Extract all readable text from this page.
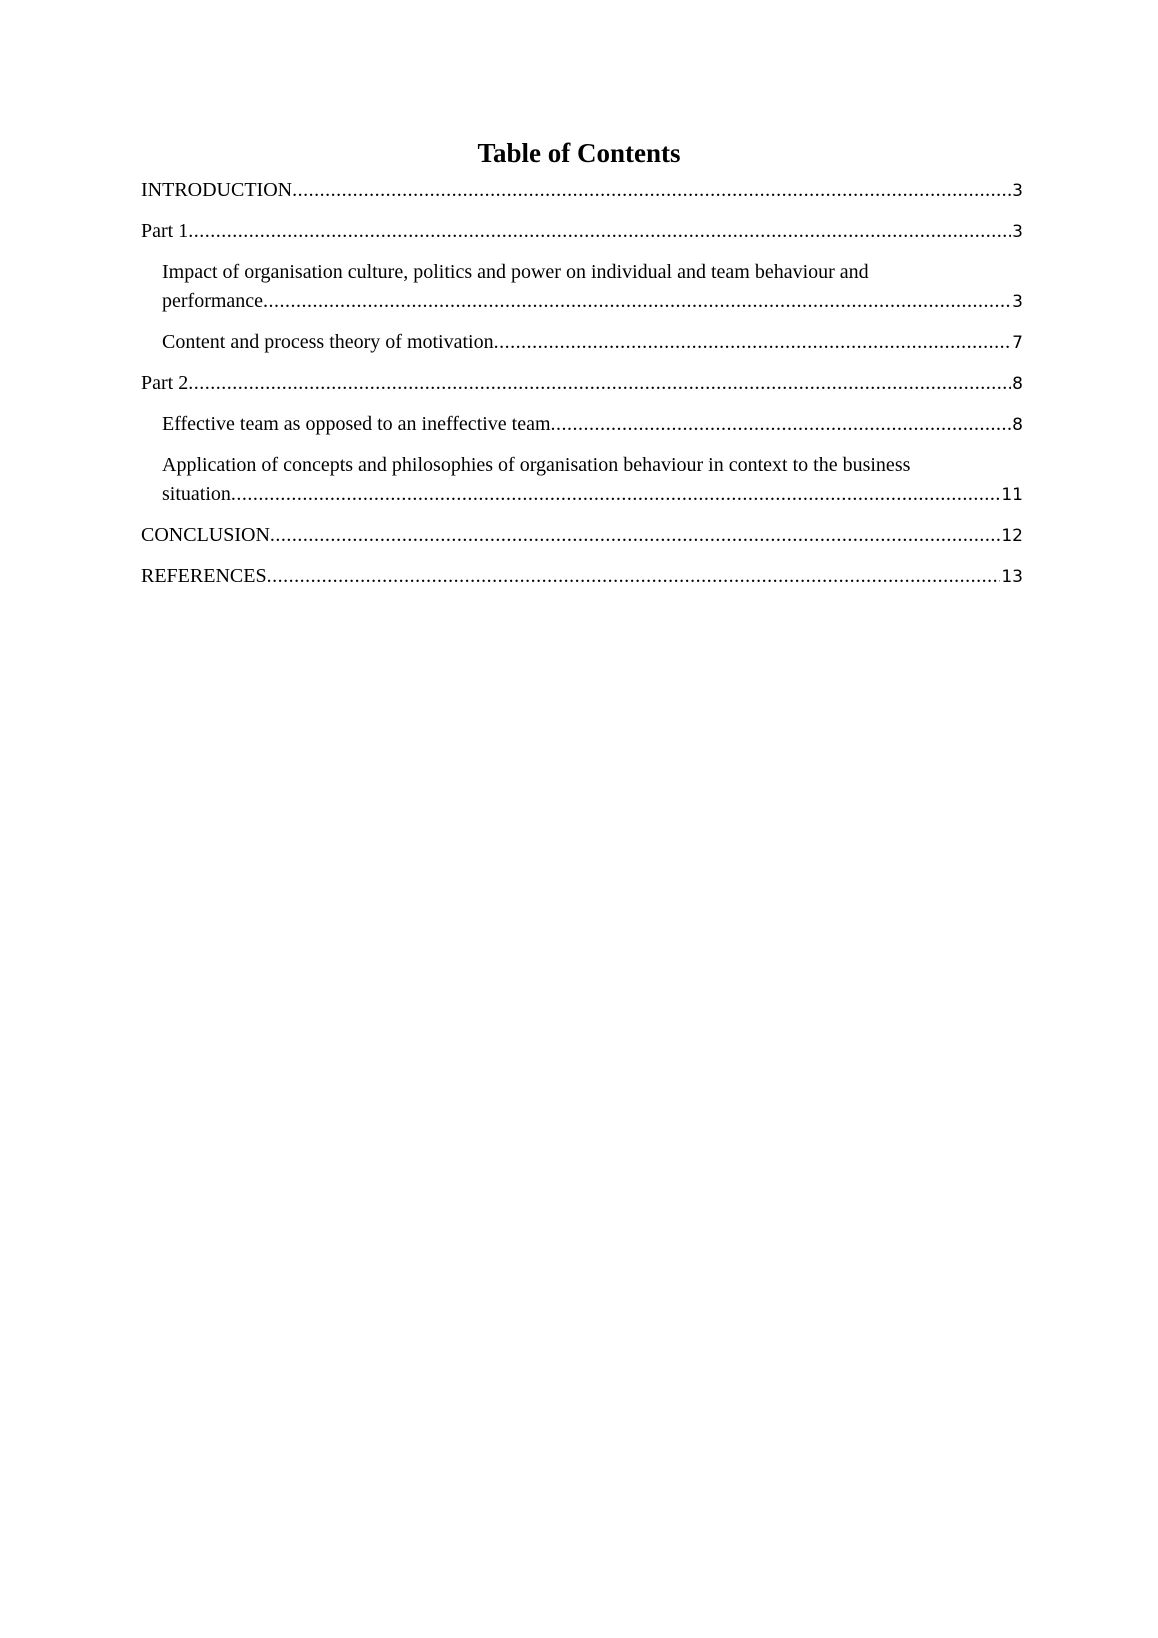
Table of Contents
INTRODUCTION .....	3
Part 1 .....	3
Impact of organisation culture, politics and power on individual and team behaviour and
performance .....	3
Content and process theory of motivation .....	7
Part 2 .....	8
Effective team as opposed to an ineffective team .....	8
Application of concepts and philosophies of organisation behaviour in context to the business
situation .....	11
CONCLUSION .....	12
REFERENCES .....	13
